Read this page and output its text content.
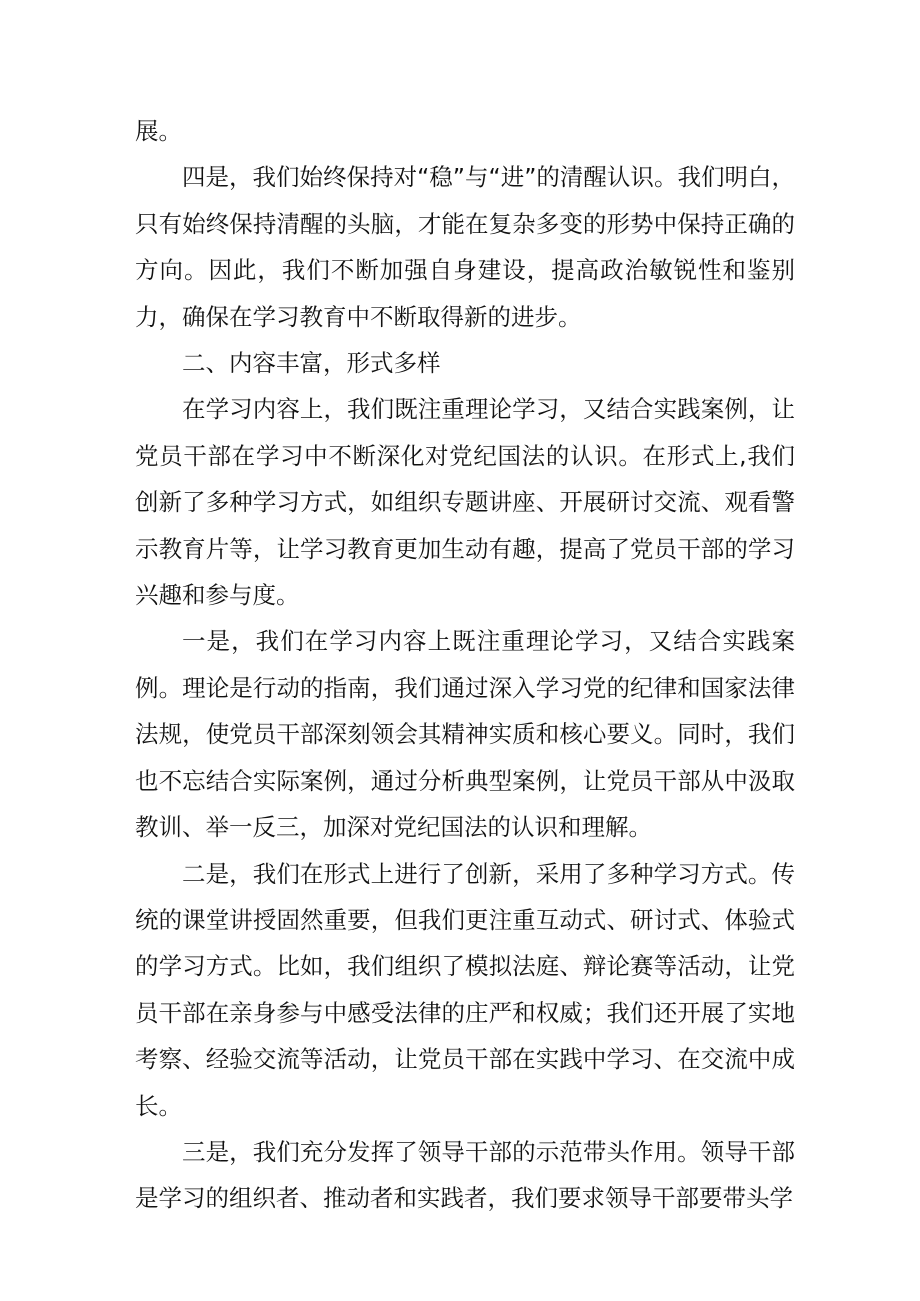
展。

四是，我们始终保持对“稳”与“进”的清醒认识。我们明白，只有始终保持清醒的头脑，才能在复杂多变的形势中保持正确的方向。因此，我们不断加强自身建设，提高政治敏锐性和鉴别力，确保在学习教育中不断取得新的进步。

二、内容丰富，形式多样

在学习内容上，我们既注重理论学习，又结合实践案例，让党员干部在学习中不断深化对党纪国法的认识。在形式上,我们创新了多种学习方式，如组织专题讲座、开展研讨交流、观看警示教育片等，让学习教育更加生动有趣，提高了党员干部的学习兴趣和参与度。

一是，我们在学习内容上既注重理论学习，又结合实践案例。理论是行动的指南，我们通过深入学习党的纪律和国家法律法规，使党员干部深刻领会其精神实质和核心要义。同时，我们也不忘结合实际案例，通过分析典型案例，让党员干部从中汲取教训、举一反三，加深对党纪国法的认识和理解。

二是，我们在形式上进行了创新，采用了多种学习方式。传统的课堂讲授固然重要，但我们更注重互动式、研讨式、体验式的学习方式。比如，我们组织了模拟法庭、辩论赛等活动，让党员干部在亲身参与中感受法律的庄严和权威；我们还开展了实地考察、经验交流等活动，让党员干部在实践中学习、在交流中成长。

三是，我们充分发挥了领导干部的示范带头作用。领导干部是学习的组织者、推动者和实践者，我们要求领导干部要带头学
